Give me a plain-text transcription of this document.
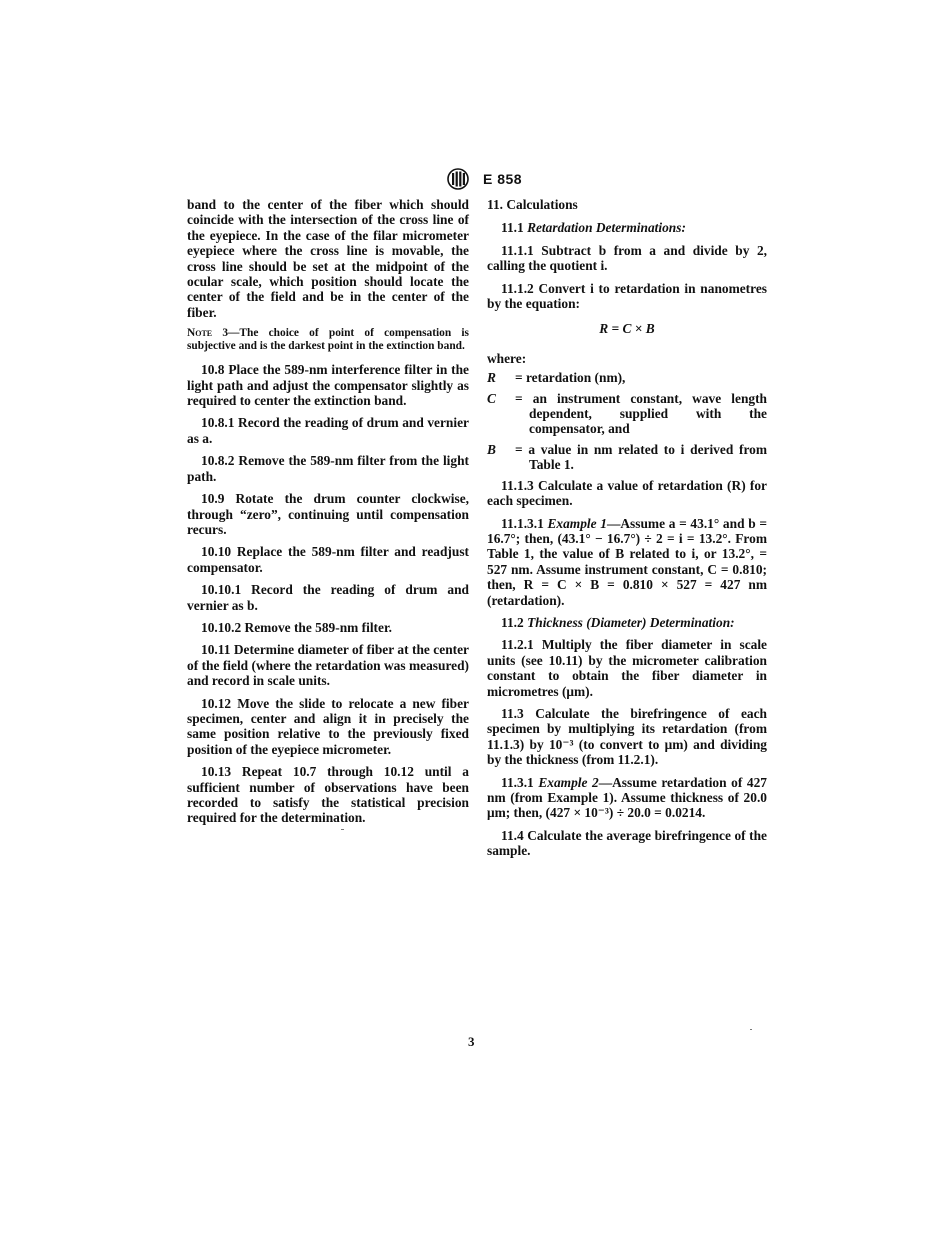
E 858

band to the center of the fiber which should coincide with the intersection of the cross line of the eyepiece. In the case of the filar micrometer eyepiece where the cross line is movable, the cross line should be set at the midpoint of the ocular scale, which position should locate the center of the field and be in the center of the fiber.

Note 3—The choice of point of compensation is subjective and is the darkest point in the extinction band.

10.8 Place the 589-nm interference filter in the light path and adjust the compensator slightly as required to center the extinction band.

10.8.1 Record the reading of drum and vernier as a.

10.8.2 Remove the 589-nm filter from the light path.

10.9 Rotate the drum counter clockwise, through “zero”, continuing until compensation recurs.

10.10 Replace the 589-nm filter and readjust compensator.

10.10.1 Record the reading of drum and vernier as b.

10.10.2 Remove the 589-nm filter.

10.11 Determine diameter of fiber at the center of the field (where the retardation was measured) and record in scale units.

10.12 Move the slide to relocate a new fiber specimen, center and align it in precisely the same position relative to the previously fixed position of the eyepiece micrometer.

10.13 Repeat 10.7 through 10.12 until a sufficient number of observations have been recorded to satisfy the statistical precision required for the determination.

11. Calculations

11.1 Retardation Determinations:

11.1.1 Subtract b from a and divide by 2, calling the quotient i.

11.1.2 Convert i to retardation in nanometres by the equation:

R = C × B

where:

R	= retardation (nm),
C	= an instrument constant, wave length dependent, supplied with the compensator, and
B	= a value in nm related to i derived from Table 1.

11.1.3 Calculate a value of retardation (R) for each specimen.

11.1.3.1 Example 1—Assume a = 43.1° and b = 16.7°; then, (43.1° − 16.7°) ÷ 2 = i = 13.2°. From Table 1, the value of B related to i, or 13.2°, = 527 nm. Assume instrument constant, C = 0.810; then, R = C × B = 0.810 × 527 = 427 nm (retardation).

11.2 Thickness (Diameter) Determination:

11.2.1 Multiply the fiber diameter in scale units (see 10.11) by the micrometer calibration constant to obtain the fiber diameter in micrometres (μm).

11.3 Calculate the birefringence of each specimen by multiplying its retardation (from 11.1.3) by 10⁻³ (to convert to μm) and dividing by the thickness (from 11.2.1).

11.3.1 Example 2—Assume retardation of 427 nm (from Example 1). Assume thickness of 20.0 μm; then, (427 × 10⁻³) ÷ 20.0 = 0.0214.

11.4 Calculate the average birefringence of the sample.

3
